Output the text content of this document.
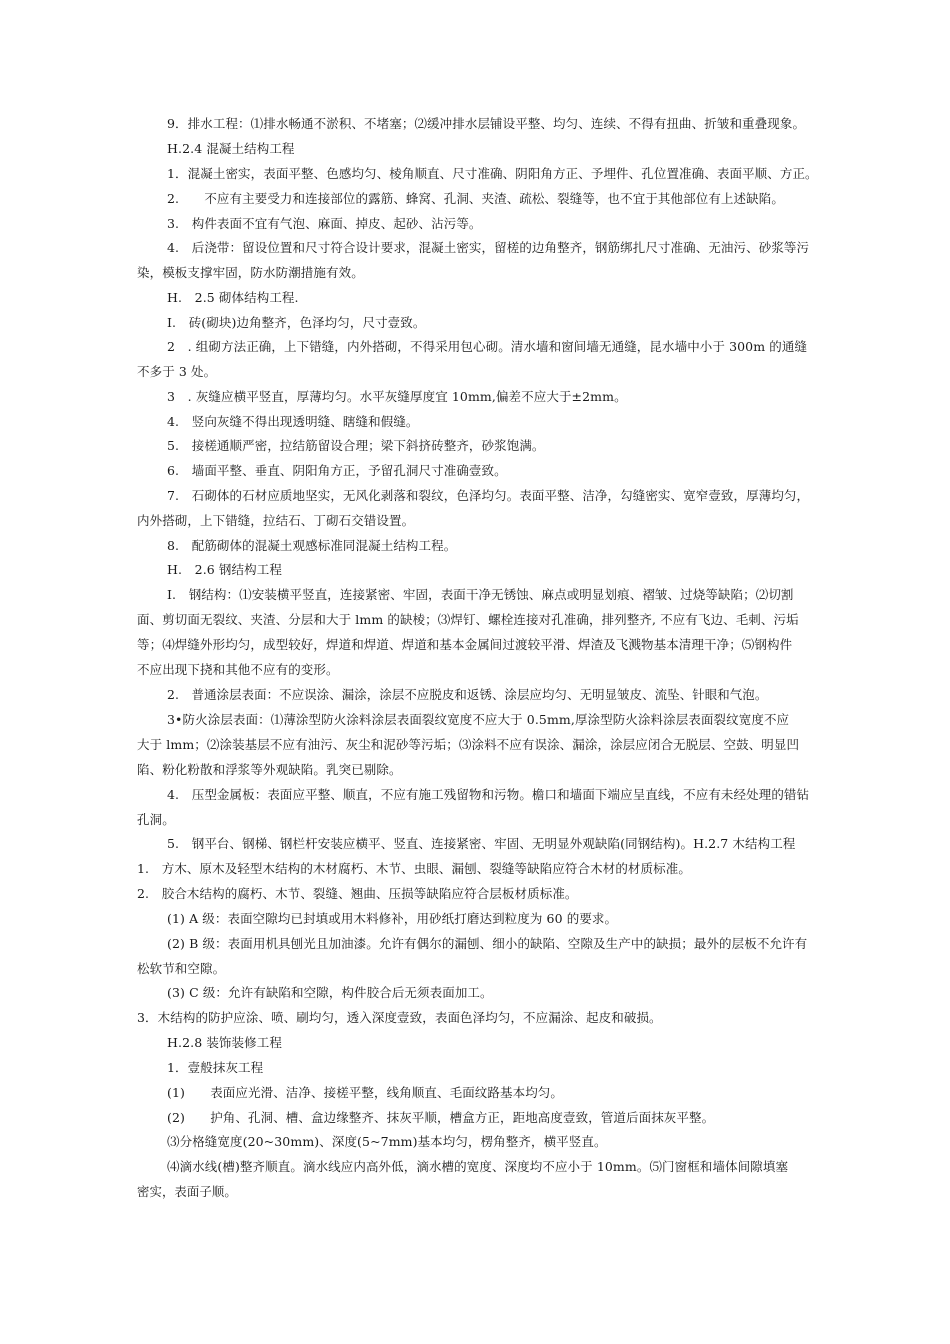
9．排水工程：⑴排水畅通不淤积、不堵塞；⑵缓冲排水层铺设平整、均匀、连续、不得有扭曲、折皱和重叠现象。
H.2.4 混凝土结构工程
1．混凝土密实，表面平整、色感均匀、棱角顺直、尺寸准确、阴阳角方正、予埋件、孔位置准确、表面平顺、方正。
2.　　不应有主要受力和连接部位的露筋、蜂窝、孔洞、夹渣、疏松、裂缝等，也不宜于其他部位有上述缺陷。
3.　构件表面不宜有气泡、麻面、掉皮、起砂、沾污等。
4.　后浇带：留设位置和尺寸符合设计要求，混凝土密实，留槎的边角整齐，钢筋绑扎尺寸准确、无油污、砂浆等污
染，模板支撑牢固，防水防潮措施有效。
H.　2.5 砌体结构工程.
I.　砖(砌块)边角整齐，色泽均匀，尺寸壹致。
2　. 组砌方法正确，上下错缝，内外搭砌，不得采用包心砌。清水墙和窗间墙无通缝，昆水墙中小于 300m 的通缝
不多于 3 处。
3　. 灰缝应横平竖直，厚薄均匀。水平灰缝厚度宜 10mm,偏差不应大于±2mm。
4.　竖向灰缝不得出现透明缝、瞎缝和假缝。
5.　接槎通顺严密，拉结筋留设合理；梁下斜挤砖整齐，砂浆饱满。
6.　墙面平整、垂直、阴阳角方正，予留孔洞尺寸准确壹致。
7.　石砌体的石材应质地坚实，无风化剥落和裂纹，色泽均匀。表面平整、洁净，勾缝密实、宽窄壹致，厚薄均匀，
内外搭砌，上下错缝，拉结石、丁砌石交错设置。
8.　配筋砌体的混凝土观感标准同混凝土结构工程。
H.　2.6 钢结构工程
I.　钢结构：⑴安装横平竖直，连接紧密、牢固，表面干净无锈蚀、麻点或明显划痕、褶皱、过烧等缺陷；⑵切割
面、剪切面无裂纹、夹渣、分层和大于 lmm 的缺棱；⑶焊钉、螺栓连接对孔准确，排列整齐, 不应有飞边、毛刺、污垢
等；⑷焊缝外形均匀，成型较好，焊道和焊道、焊道和基本金属间过渡较平滑、焊渣及飞溅物基本清理干净；⑸钢构件
不应出现下挠和其他不应有的变形。
2.　普通涂层表面：不应误涂、漏涂，涂层不应脱皮和返锈、涂层应均匀、无明显皱皮、流坠、针眼和气泡。
3•防火涂层表面：⑴薄涂型防火涂料涂层表面裂纹宽度不应大于 0.5mm,厚涂型防火涂料涂层表面裂纹宽度不应
大于 lmm；⑵涂装基层不应有油污、灰尘和泥砂等污垢；⑶涂料不应有误涂、漏涂，涂层应闭合无脱层、空鼓、明显凹
陷、粉化粉散和浮浆等外观缺陷。乳突已剔除。
4.　压型金属板：表面应平整、顺直，不应有施工残留物和污物。檐口和墙面下端应呈直线，不应有未经处理的错钻
孔洞。
5.　钢平台、钢梯、钢栏杆安装应横平、竖直、连接紧密、牢固、无明显外观缺陷(同钢结构)。H.2.7 木结构工程
1.　方木、原木及轻型木结构的木材腐朽、木节、虫眼、漏刨、裂缝等缺陷应符合木材的材质标准。
2.　胶合木结构的腐朽、木节、裂缝、翘曲、压损等缺陷应符合层板材质标准。
(1) A 级：表面空隙均已封填或用木料修补，用砂纸打磨达到粒度为 60 的要求。
(2) B 级：表面用机具刨光且加油漆。允许有偶尔的漏刨、细小的缺陷、空隙及生产中的缺损；最外的层板不允许有
松软节和空隙。
(3) C 级：允许有缺陷和空隙，构件胶合后无须表面加工。
3．木结构的防护应涂、喷、刷均匀，透入深度壹致，表面色泽均匀，不应漏涂、起皮和破损。
H.2.8 装饰装修工程
1．壹般抹灰工程
(1)　　表面应光滑、洁净、接槎平整，线角顺直、毛面纹路基本均匀。
(2)　　护角、孔洞、槽、盒边缘整齐、抹灰平顺，槽盒方正，距地高度壹致，管道后面抹灰平整。
⑶分格缝宽度(20~30mm)、深度(5~7mm)基本均匀，楞角整齐，横平竖直。
⑷滴水线(槽)整齐顺直。滴水线应内高外低，滴水槽的宽度、深度均不应小于 10mm。⑸门窗框和墙体间隙填塞
密实，表面子顺。
